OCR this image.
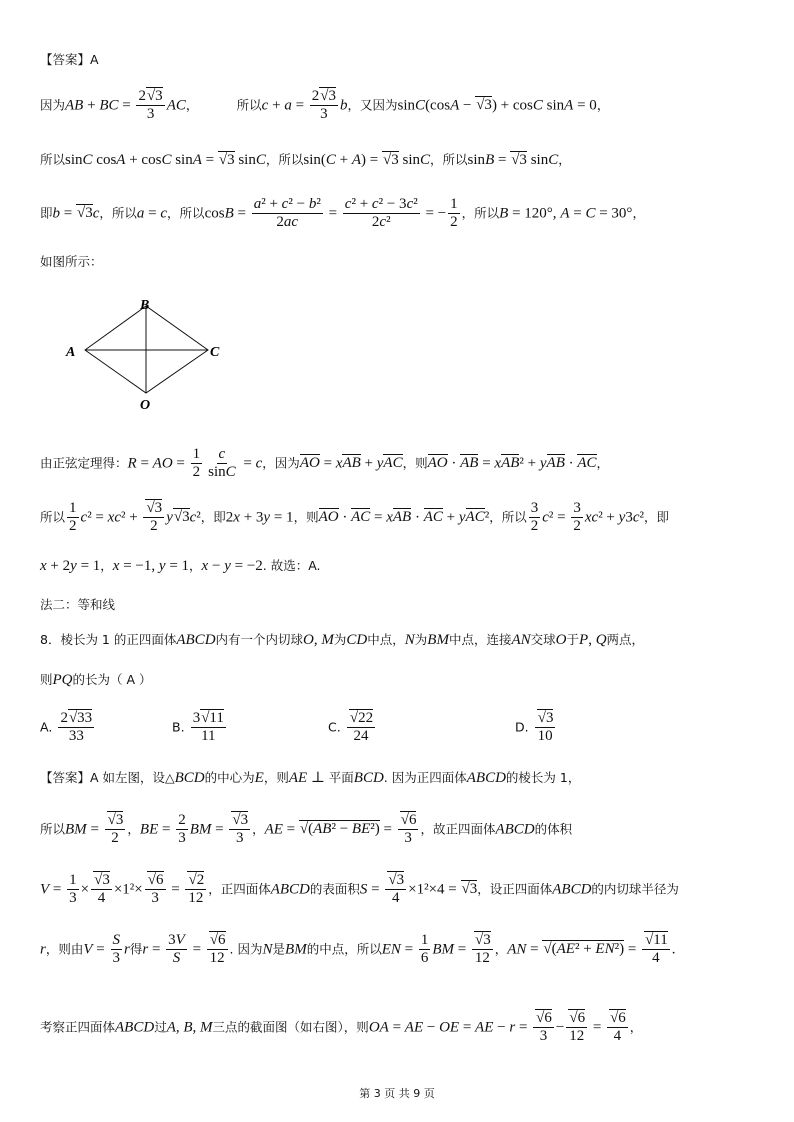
【答案】A
因为AB + BC = $\frac{2√3}{3}$ AC，	所以$c + a = \frac{2√3}{3}$ b，又因为sinC(cosA − √3) + cosC sinA = 0，
所以sinC cosA + cosC sinA = √3 sinC，所以sin(C + A) = √3 sinC，所以sinB = √3 sinC，
即b = √3c，所以a = c，所以$\cos B = \frac{\text{a² + c² − b²}}{2ac} = \frac{\text{c² + c² − 3c²}}{\text{2c²}}$ = − $\frac{1}{2}$ ，所以B = 120°, A = C = 30°，
如图所示：
B
A	C
O
由正弦定理得：R = AO = $\frac{1}{2} \frac{c}{\sin C} = c$，因为AO = xAB + yAC，则AO · AB = xAB² + yAB · AC，
所以 $\frac{1}{2} c^2 = xc^2 + \frac{√3}{2} y√3c^2$，即2x + 3y = 1，则AO · AC = xAB · AC + yAC²，所以 $\frac{3}{2} c^2 = \frac{3}{2} xc^2 + y3c^2$，即
x + 2y = 1，x = −1, y = 1，x − y = −2. 故选：A.
法二：等和线
8．棱长为 1 的正四面体ABCD内有一个内切球O, M为CD中点，N为BM中点，连接AN交球O于P, Q两点，
则PQ的长为（ A ）
A. $\frac{2√33}{33}$	B. $\frac{3√11}{11}$	C. $\frac{√22}{24}$	D. $\frac{√3}{10}$
【答案】A 如左图，设△BCD的中心为E，则AE ⊥ 平面BCD. 因为正四面体ABCD的棱长为 1，
所以BM = $\frac{√3}{2}$ ，BE = $\frac{2}{3}$ BM = $\frac{√3}{3}$ ，AE = $√(AB^2 - BE^2) = \frac{√6}{3}$ ，故正四面体ABCD的体积
$V = \frac{1}{3} \times \frac{√3}{4} \times 1^2\times \frac{√6}{3} = \frac{√2}{12}$ ，正四面体ABCD的表面积$S = \frac{√3}{4} \times 1^2\times 4 = √3$，设正四面体ABCD的内切球半径为
r，则由$V = \frac{S}{3}$ r得$r = \frac{3V}{S} = \frac{√6}{12}$ . 因为N是BM的中点，所以EN = $\frac{1}{6}$ BM = $\frac{√3}{12}$ ，AN = $√(AE^2 + EN^2) = \frac{√11}{4}$ .
考察正四面体ABCD过A, B, M三点的截面图（如右图），则OA = AE − OE = AE − $r = \frac{√6}{3} - \frac{√6}{12} = \frac{√6}{4}$ ，
第 3 页 共 9 页
